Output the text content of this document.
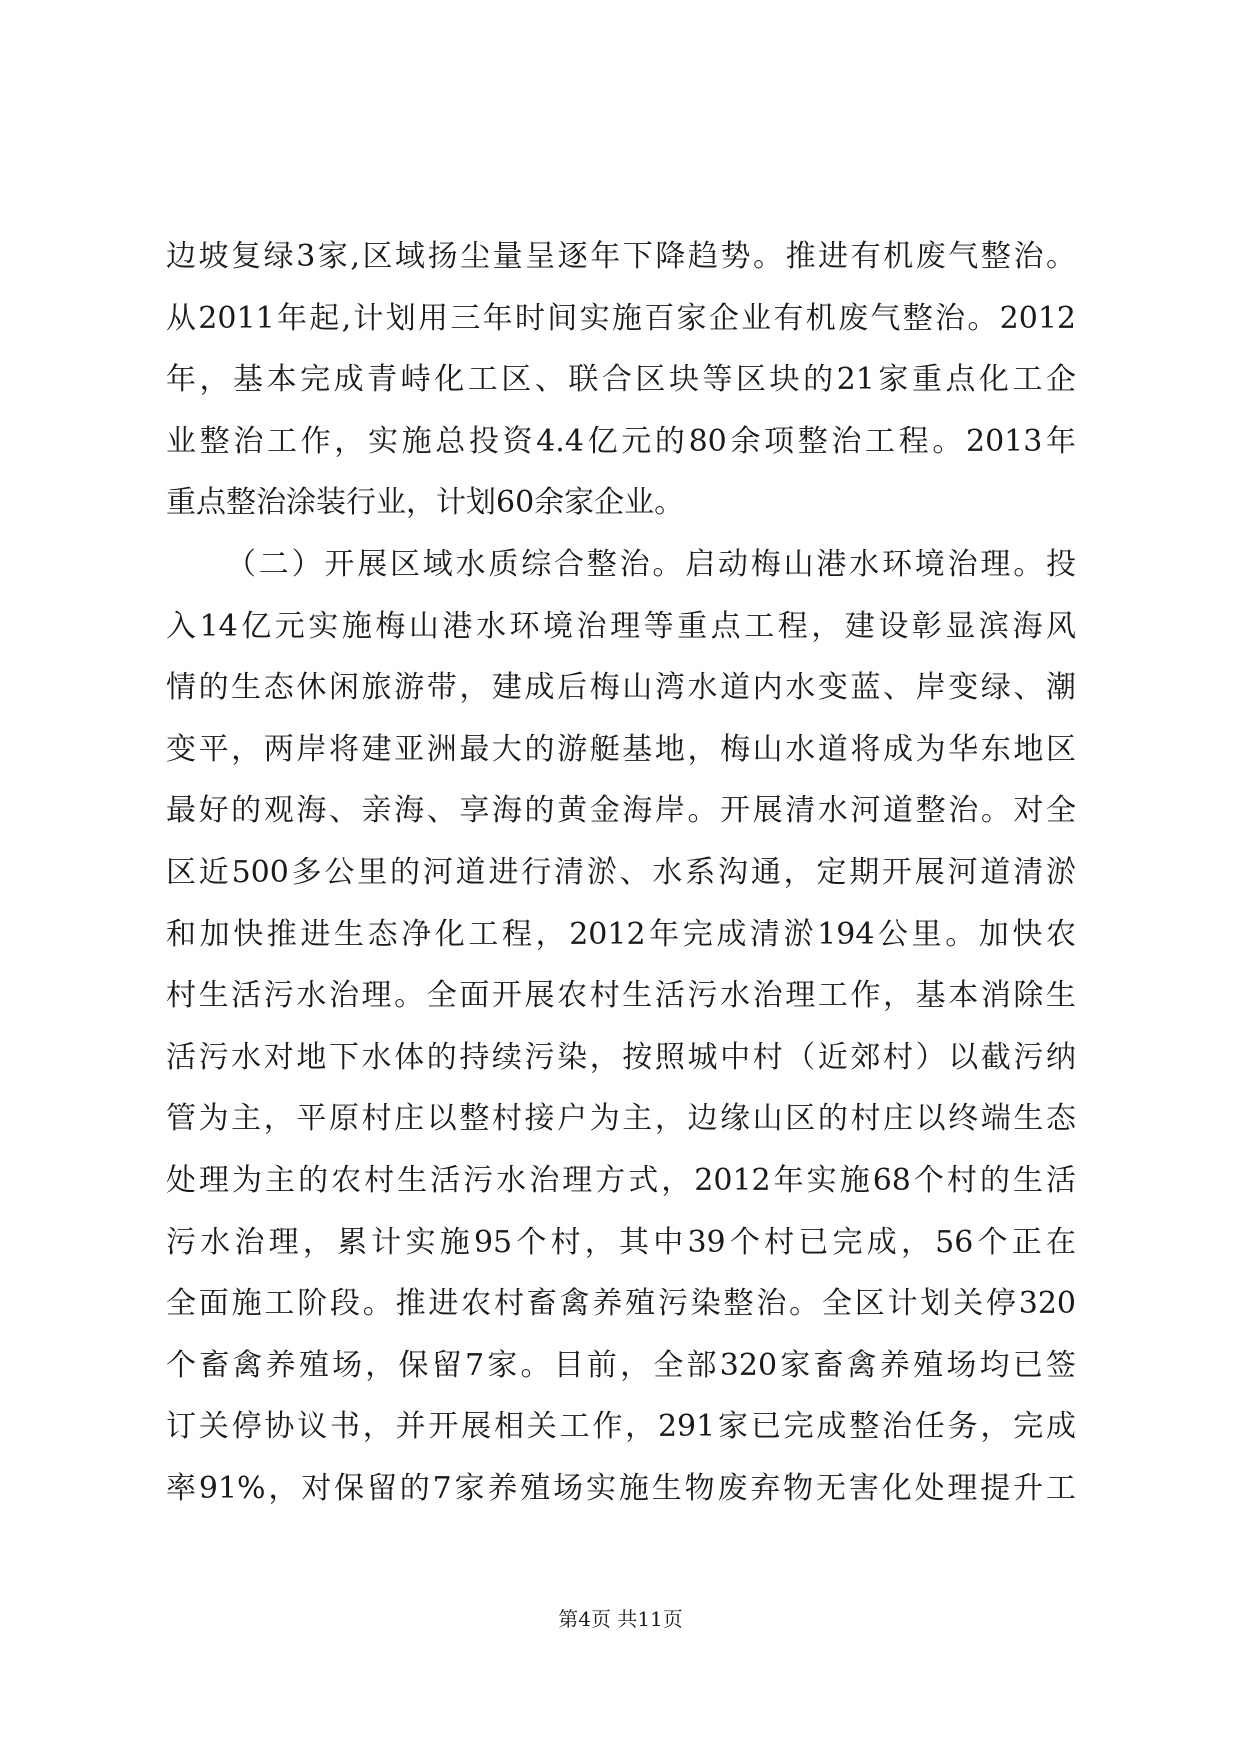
边坡复绿3家,区域扬尘量呈逐年下降趋势。推进有机废气整治。
从2011年起,计划用三年时间实施百家企业有机废气整治。2012
年，基本完成青峙化工区、联合区块等区块的21家重点化工企
业整治工作，实施总投资4.4亿元的80余项整治工程。2013年
重点整治涂装行业，计划60余家企业。
（二）开展区域水质综合整治。启动梅山港水环境治理。投
入14亿元实施梅山港水环境治理等重点工程，建设彰显滨海风
情的生态休闲旅游带，建成后梅山湾水道内水变蓝、岸变绿、潮
变平，两岸将建亚洲最大的游艇基地，梅山水道将成为华东地区
最好的观海、亲海、享海的黄金海岸。开展清水河道整治。对全
区近500多公里的河道进行清淤、水系沟通，定期开展河道清淤
和加快推进生态净化工程，2012年完成清淤194公里。加快农
村生活污水治理。全面开展农村生活污水治理工作，基本消除生
活污水对地下水体的持续污染，按照城中村（近郊村）以截污纳
管为主，平原村庄以整村接户为主，边缘山区的村庄以终端生态
处理为主的农村生活污水治理方式，2012年实施68个村的生活
污水治理，累计实施95个村，其中39个村已完成，56个正在
全面施工阶段。推进农村畜禽养殖污染整治。全区计划关停320
个畜禽养殖场，保留7家。目前，全部320家畜禽养殖场均已签
订关停协议书，并开展相关工作，291家已完成整治任务，完成
率91%，对保留的7家养殖场实施生物废弃物无害化处理提升工
第4页 共11页
